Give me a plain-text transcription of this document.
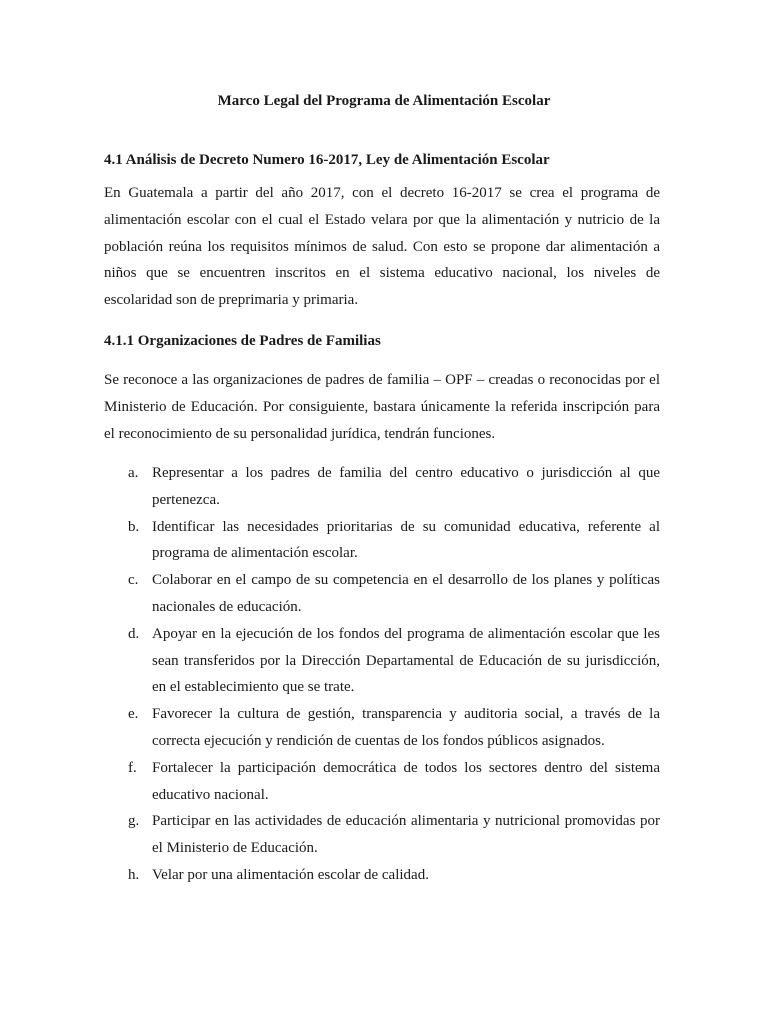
Marco Legal del Programa de Alimentación Escolar
4.1 Análisis de Decreto Numero 16-2017, Ley de Alimentación Escolar

En Guatemala a partir del año 2017, con el decreto 16-2017 se crea el programa de alimentación escolar con el cual el Estado velara por que la alimentación y nutricio de la población reúna los requisitos mínimos de salud. Con esto se propone dar alimentación a niños que se encuentren inscritos en el sistema educativo nacional, los niveles de escolaridad son de preprimaria y primaria.

4.1.1 Organizaciones de Padres de Familias

Se reconoce a las organizaciones de padres de familia – OPF – creadas o reconocidas por el Ministerio de Educación. Por consiguiente, bastara únicamente la referida inscripción para el reconocimiento de su personalidad jurídica, tendrán funciones.

a. Representar a los padres de familia del centro educativo o jurisdicción al que pertenezca.
b. Identificar las necesidades prioritarias de su comunidad educativa, referente al programa de alimentación escolar.
c. Colaborar en el campo de su competencia en el desarrollo de los planes y políticas nacionales de educación.
d. Apoyar en la ejecución de los fondos del programa de alimentación escolar que les sean transferidos por la Dirección Departamental de Educación de su jurisdicción, en el establecimiento que se trate.
e. Favorecer la cultura de gestión, transparencia y auditoria social, a través de la correcta ejecución y rendición de cuentas de los fondos públicos asignados.
f. Fortalecer la participación democrática de todos los sectores dentro del sistema educativo nacional.
g. Participar en las actividades de educación alimentaria y nutricional promovidas por el Ministerio de Educación.
h. Velar por una alimentación escolar de calidad.
